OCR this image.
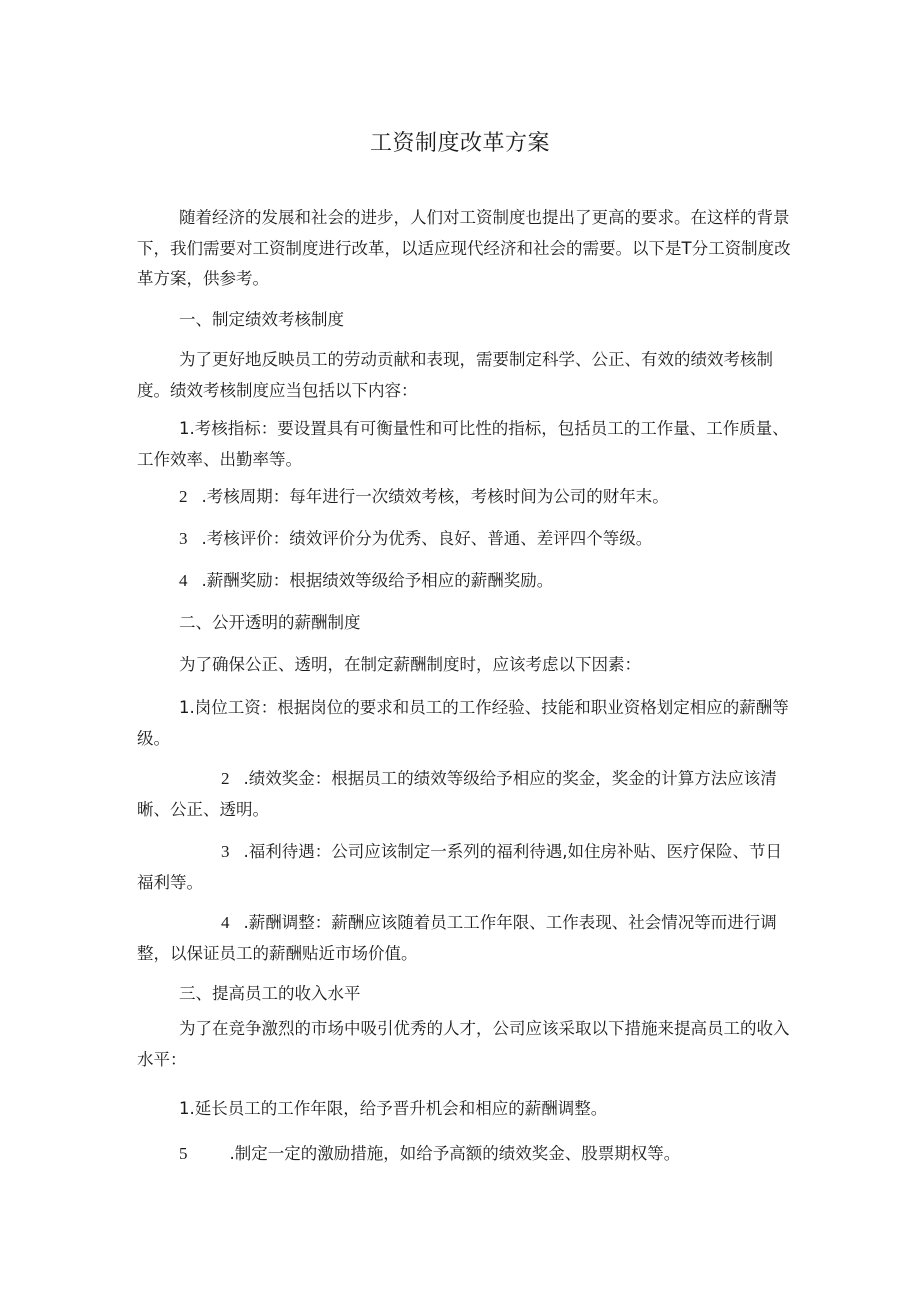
工资制度改革方案

随着经济的发展和社会的进步，人们对工资制度也提出了更高的要求。在这样的背景下，我们需要对工资制度进行改革，以适应现代经济和社会的需要。以下是T分工资制度改革方案，供参考。

一、制定绩效考核制度

为了更好地反映员工的劳动贡献和表现，需要制定科学、公正、有效的绩效考核制度。绩效考核制度应当包括以下内容：

1.考核指标：要设置具有可衡量性和可比性的指标，包括员工的工作量、工作质量、工作效率、出勤率等。

2 .考核周期：每年进行一次绩效考核，考核时间为公司的财年末。

3 .考核评价：绩效评价分为优秀、良好、普通、差评四个等级。

4 .薪酬奖励：根据绩效等级给予相应的薪酬奖励。

二、公开透明的薪酬制度

为了确保公正、透明，在制定薪酬制度时，应该考虑以下因素：

1.岗位工资：根据岗位的要求和员工的工作经验、技能和职业资格划定相应的薪酬等级。

2 .绩效奖金：根据员工的绩效等级给予相应的奖金，奖金的计算方法应该清晰、公正、透明。

3 .福利待遇：公司应该制定一系列的福利待遇,如住房补贴、医疗保险、节日福利等。

4 .薪酬调整：薪酬应该随着员工工作年限、工作表现、社会情况等而进行调整，以保证员工的薪酬贴近市场价值。

三、提高员工的收入水平

为了在竞争激烈的市场中吸引优秀的人才，公司应该采取以下措施来提高员工的收入水平：

1.延长员工的工作年限，给予晋升机会和相应的薪酬调整。

5	.制定一定的激励措施，如给予高额的绩效奖金、股票期权等。
